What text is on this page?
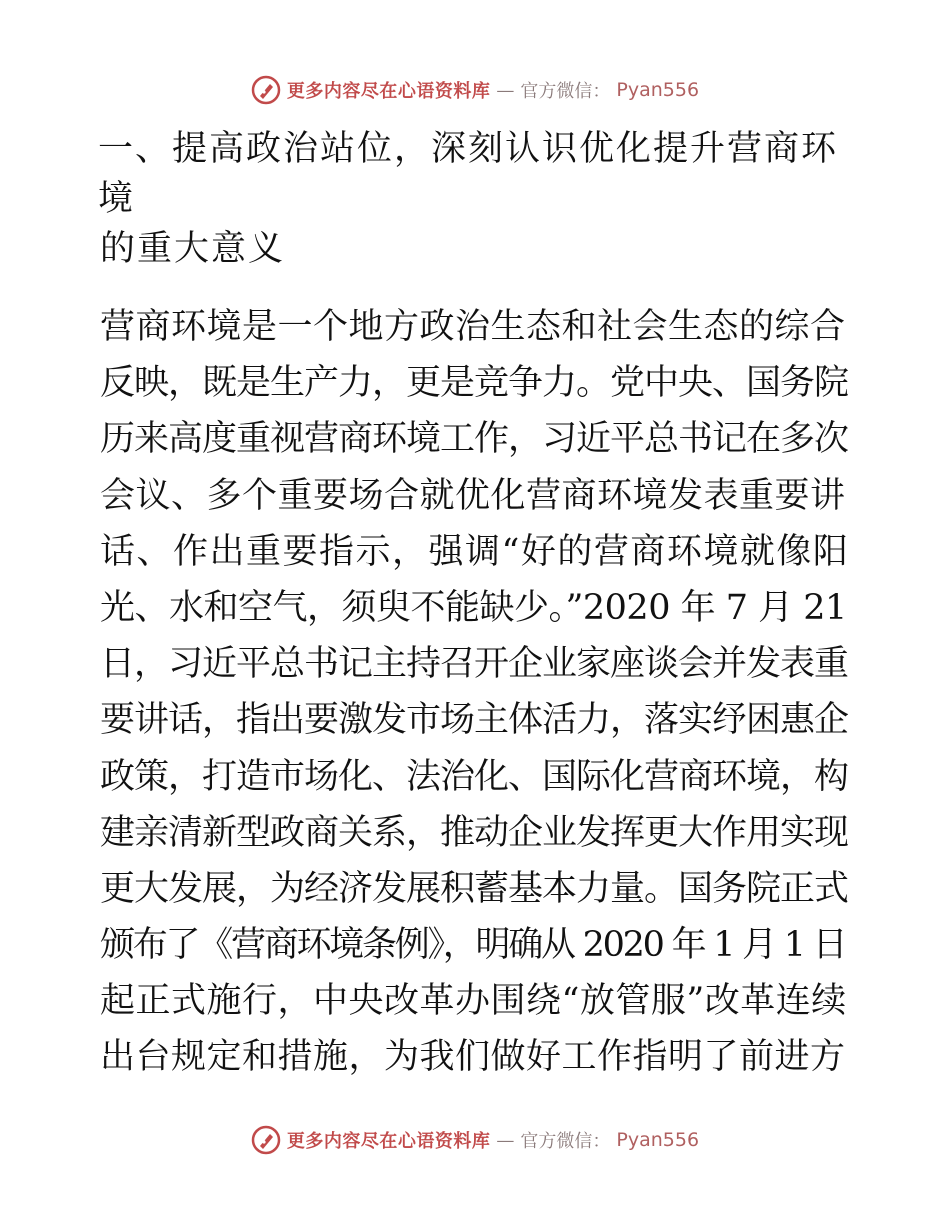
更多内容尽在心语资料库 — 官方微信： Pyan556
一、提高政治站位，深刻认识优化提升营商环境
的重大意义
营商环境是一个地方政治生态和社会生态的综合
反映，既是生产力，更是竞争力。党中央、国务院
历来高度重视营商环境工作，习近平总书记在多次
会议、多个重要场合就优化营商环境发表重要讲
话、作出重要指示，强调“好的营商环境就像阳
光、水和空气，须臾不能缺少。”2020 年 7 月 21
日，习近平总书记主持召开企业家座谈会并发表重
要讲话，指出要激发市场主体活力，落实纾困惠企
政策，打造市场化、法治化、国际化营商环境，构
建亲清新型政商关系，推动企业发挥更大作用实现
更大发展，为经济发展积蓄基本力量。国务院正式
颁布了《营商环境条例》，明确从 2020 年 1 月 1 日
起正式施行，中央改革办围绕“放管服”改革连续
出台规定和措施，为我们做好工作指明了前进方
更多内容尽在心语资料库 — 官方微信： Pyan556
